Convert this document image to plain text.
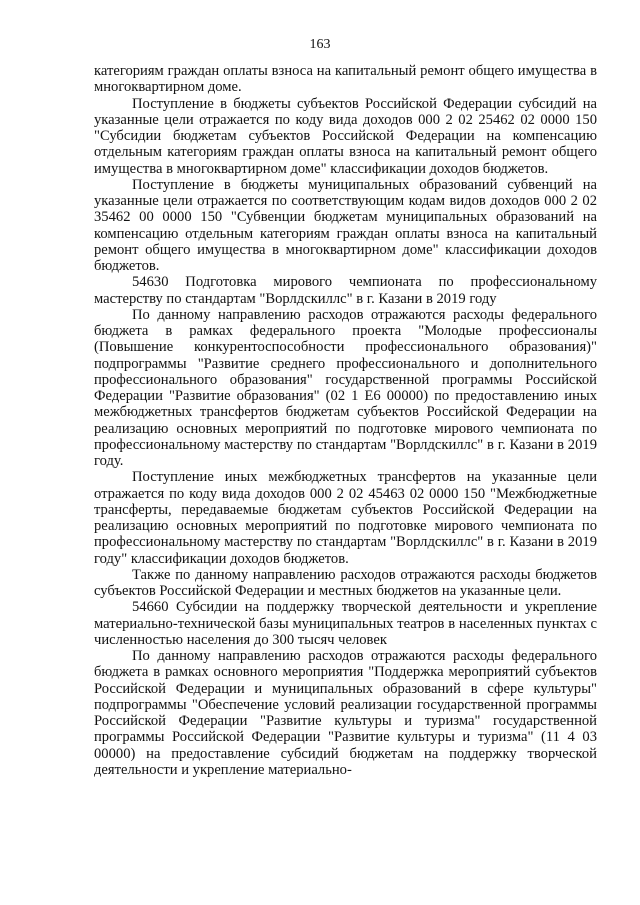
163

категориям граждан оплаты взноса на капитальный ремонт общего имущества в многоквартирном доме.

Поступление в бюджеты субъектов Российской Федерации субсидий на указанные цели отражается по коду вида доходов 000 2 02 25462 02 0000 150 "Субсидии бюджетам субъектов Российской Федерации на компенсацию отдельным категориям граждан оплаты взноса на капитальный ремонт общего имущества в многоквартирном доме" классификации доходов бюджетов.

Поступление в бюджеты муниципальных образований субвенций на указанные цели отражается по соответствующим кодам видов доходов 000 2 02 35462 00 0000 150 "Субвенции бюджетам муниципальных образований на компенсацию отдельным категориям граждан оплаты взноса на капитальный ремонт общего имущества в многоквартирном доме" классификации доходов бюджетов.

54630 Подготовка мирового чемпионата по профессиональному мастерству по стандартам "Ворлдскиллс" в г. Казани в 2019 году

По данному направлению расходов отражаются расходы федерального бюджета в рамках федерального проекта "Молодые профессионалы (Повышение конкурентоспособности профессионального образования)" подпрограммы "Развитие среднего профессионального и дополнительного профессионального образования" государственной программы Российской Федерации "Развитие образования" (02 1 E6 00000) по предоставлению иных межбюджетных трансфертов бюджетам субъектов Российской Федерации на реализацию основных мероприятий по подготовке мирового чемпионата по профессиональному мастерству по стандартам "Ворлдскиллс" в г. Казани в 2019 году.

Поступление иных межбюджетных трансфертов на указанные цели отражается по коду вида доходов 000 2 02 45463 02 0000 150 "Межбюджетные трансферты, передаваемые бюджетам субъектов Российской Федерации на реализацию основных мероприятий по подготовке мирового чемпионата по профессиональному мастерству по стандартам "Ворлдскиллс" в г. Казани в 2019 году" классификации доходов бюджетов.

Также по данному направлению расходов отражаются расходы бюджетов субъектов Российской Федерации и местных бюджетов на указанные цели.

54660 Субсидии на поддержку творческой деятельности и укрепление материально-технической базы муниципальных театров в населенных пунктах с численностью населения до 300 тысяч человек

По данному направлению расходов отражаются расходы федерального бюджета в рамках основного мероприятия "Поддержка мероприятий субъектов Российской Федерации и муниципальных образований в сфере культуры" подпрограммы "Обеспечение условий реализации государственной программы Российской Федерации "Развитие культуры и туризма" государственной программы Российской Федерации "Развитие культуры и туризма" (11 4 03 00000) на предоставление субсидий бюджетам на поддержку творческой деятельности и укрепление материально-
